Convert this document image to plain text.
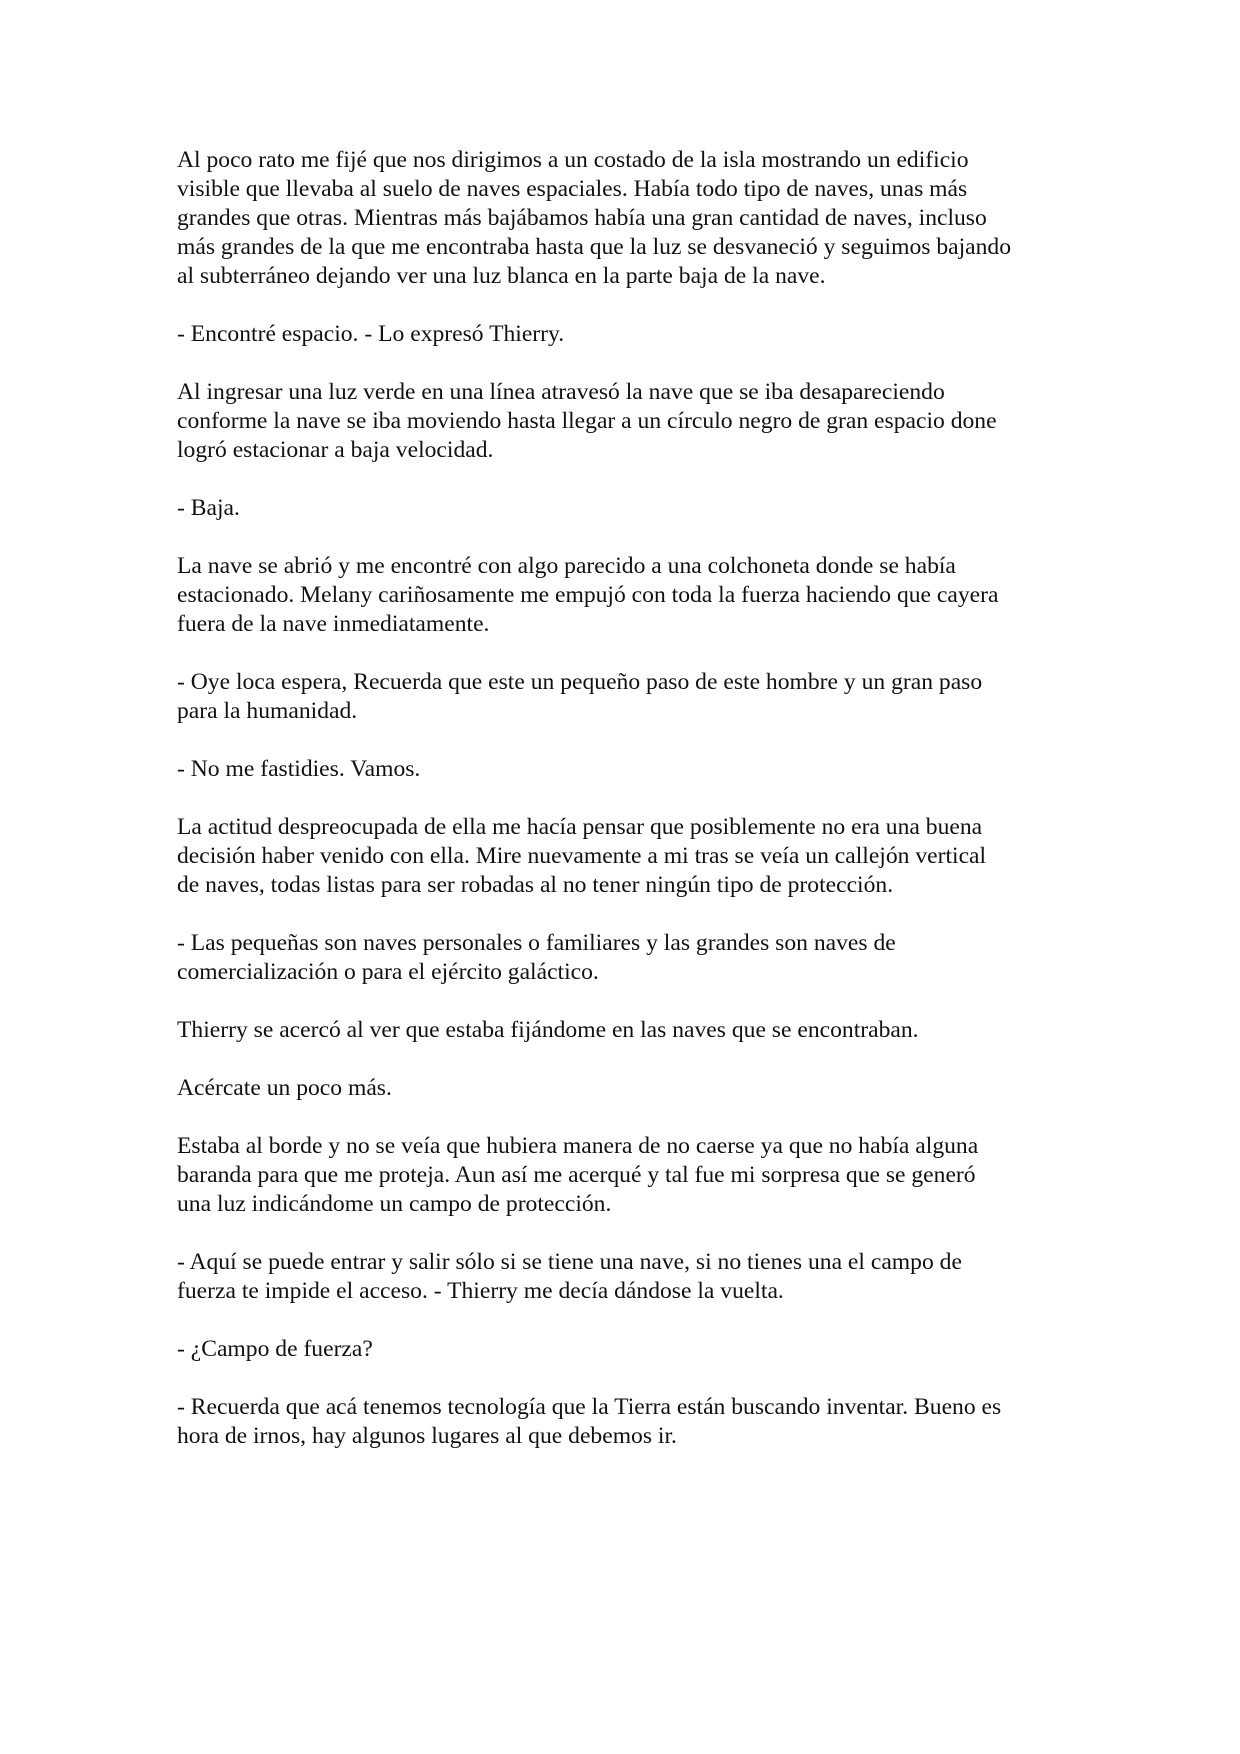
Al poco rato me fijé que nos dirigimos a un costado de la isla mostrando un edificio
visible que llevaba al suelo de naves espaciales. Había todo tipo de naves, unas más
grandes que otras. Mientras más bajábamos había una gran cantidad de naves, incluso
más grandes de la que me encontraba hasta que la luz se desvaneció y seguimos bajando
al subterráneo dejando ver una luz blanca en la parte baja de la nave.

- Encontré espacio. - Lo expresó Thierry.

Al ingresar una luz verde en una línea atravesó la nave que se iba desapareciendo
conforme la nave se iba moviendo hasta llegar a un círculo negro de gran espacio done
logró estacionar a baja velocidad.

- Baja.

La nave se abrió y me encontré con algo parecido a una colchoneta donde se había
estacionado. Melany cariñosamente me empujó con toda la fuerza haciendo que cayera
fuera de la nave inmediatamente.

- Oye loca espera, Recuerda que este un pequeño paso de este hombre y un gran paso
para la humanidad.

- No me fastidies. Vamos.

La actitud despreocupada de ella me hacía pensar que posiblemente no era una buena
decisión haber venido con ella. Mire nuevamente a mi tras se veía un callejón vertical
de naves, todas listas para ser robadas al no tener ningún tipo de protección.

- Las pequeñas son naves personales o familiares y las grandes son naves de
comercialización o para el ejército galáctico.

Thierry se acercó al ver que estaba fijándome en las naves que se encontraban.

Acércate un poco más.

Estaba al borde y no se veía que hubiera manera de no caerse ya que no había alguna
baranda para que me proteja. Aun así me acerqué y tal fue mi sorpresa que se generó
una luz indicándome un campo de protección.

- Aquí se puede entrar y salir sólo si se tiene una nave, si no tienes una el campo de
fuerza te impide el acceso. - Thierry me decía dándose la vuelta.

- ¿Campo de fuerza?

- Recuerda que acá tenemos tecnología que la Tierra están buscando inventar. Bueno es
hora de irnos, hay algunos lugares al que debemos ir.
